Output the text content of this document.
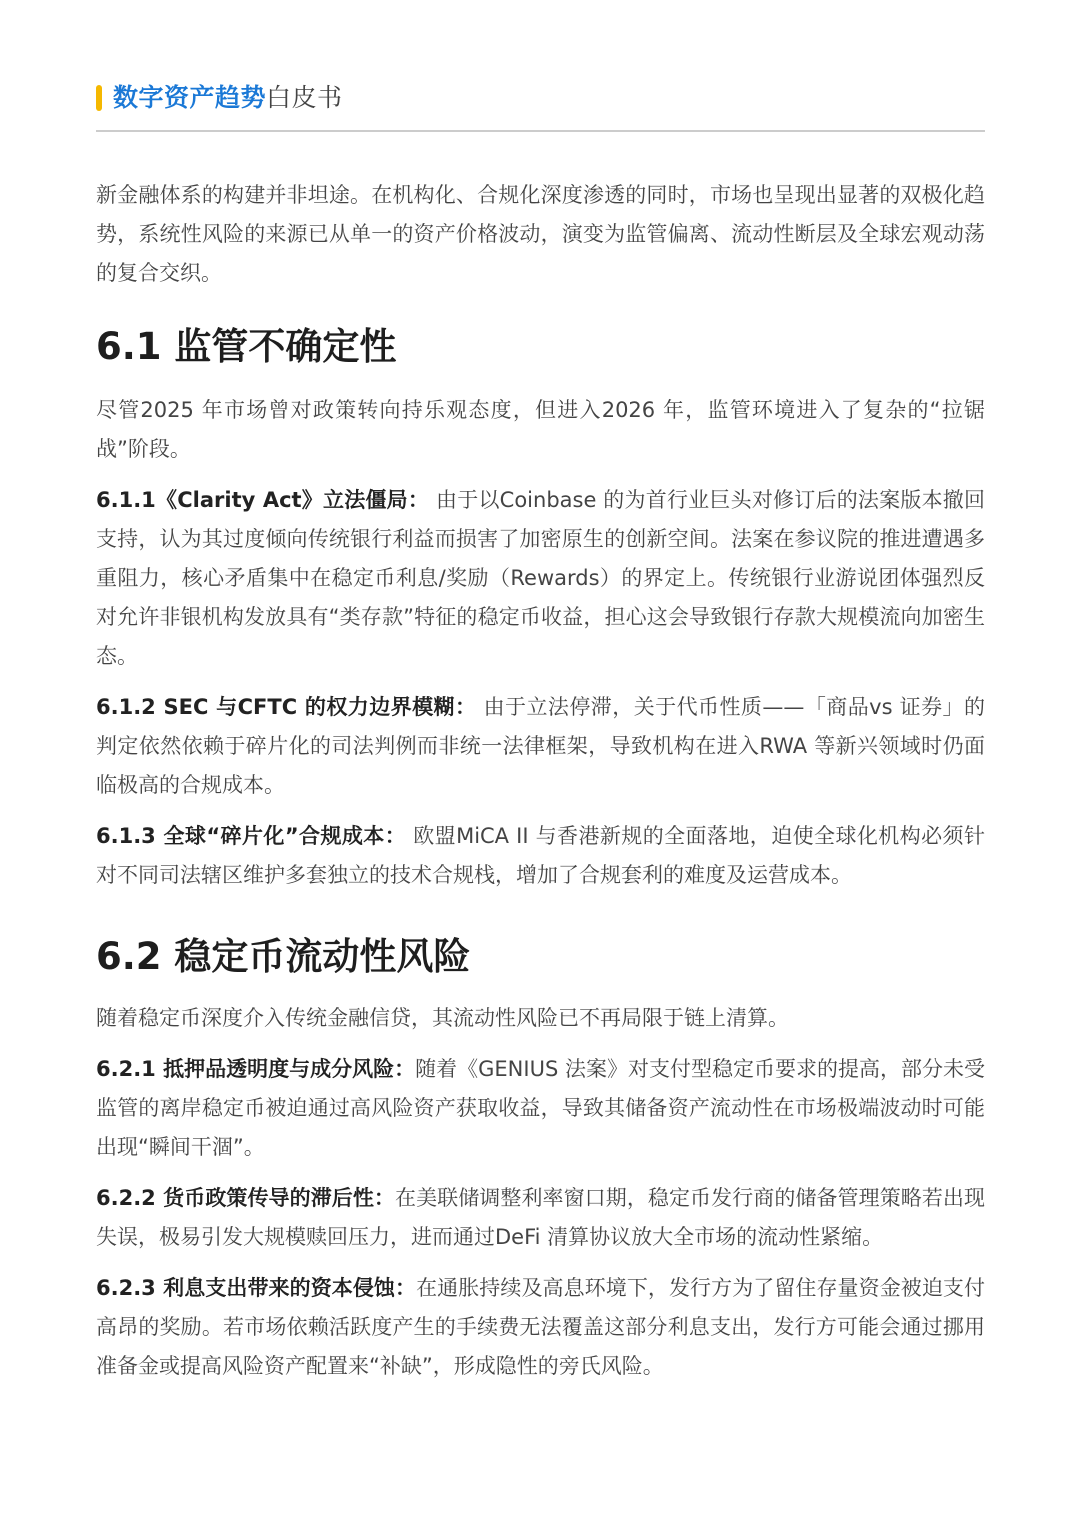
数字资产趋势白皮书

新金融体系的构建并非坦途。在机构化、合规化深度渗透的同时，市场也呈现出显著的双极化趋势，系统性风险的来源已从单一的资产价格波动，演变为监管偏离、流动性断层及全球宏观动荡的复合交织。

6.1 监管不确定性

尽管2025 年市场曾对政策转向持乐观态度，但进入2026 年，监管环境进入了复杂的“拉锯战”阶段。

6.1.1《Clarity Act》立法僵局： 由于以Coinbase 的为首行业巨头对修订后的法案版本撤回支持，认为其过度倾向传统银行利益而损害了加密原生的创新空间。法案在参议院的推进遭遇多重阻力，核心矛盾集中在稳定币利息/奖励（Rewards）的界定上。传统银行业游说团体强烈反对允许非银机构发放具有“类存款”特征的稳定币收益，担心这会导致银行存款大规模流向加密生态。

6.1.2 SEC 与CFTC 的权力边界模糊： 由于立法停滞，关于代币性质——「商品vs 证券」的判定依然依赖于碎片化的司法判例而非统一法律框架，导致机构在进入RWA 等新兴领域时仍面临极高的合规成本。

6.1.3 全球“碎片化”合规成本： 欧盟MiCA II 与香港新规的全面落地，迫使全球化机构必须针对不同司法辖区维护多套独立的技术合规栈，增加了合规套利的难度及运营成本。

6.2 稳定币流动性风险

随着稳定币深度介入传统金融信贷，其流动性风险已不再局限于链上清算。

6.2.1 抵押品透明度与成分风险：随着《GENIUS 法案》对支付型稳定币要求的提高，部分未受监管的离岸稳定币被迫通过高风险资产获取收益，导致其储备资产流动性在市场极端波动时可能出现“瞬间干涸”。

6.2.2 货币政策传导的滞后性：在美联储调整利率窗口期，稳定币发行商的储备管理策略若出现失误，极易引发大规模赎回压力，进而通过DeFi 清算协议放大全市场的流动性紧缩。

6.2.3 利息支出带来的资本侵蚀：在通胀持续及高息环境下，发行方为了留住存量资金被迫支付高昂的奖励。若市场依赖活跃度产生的手续费无法覆盖这部分利息支出，发行方可能会通过挪用准备金或提高风险资产配置来“补缺”，形成隐性的旁氏风险。
